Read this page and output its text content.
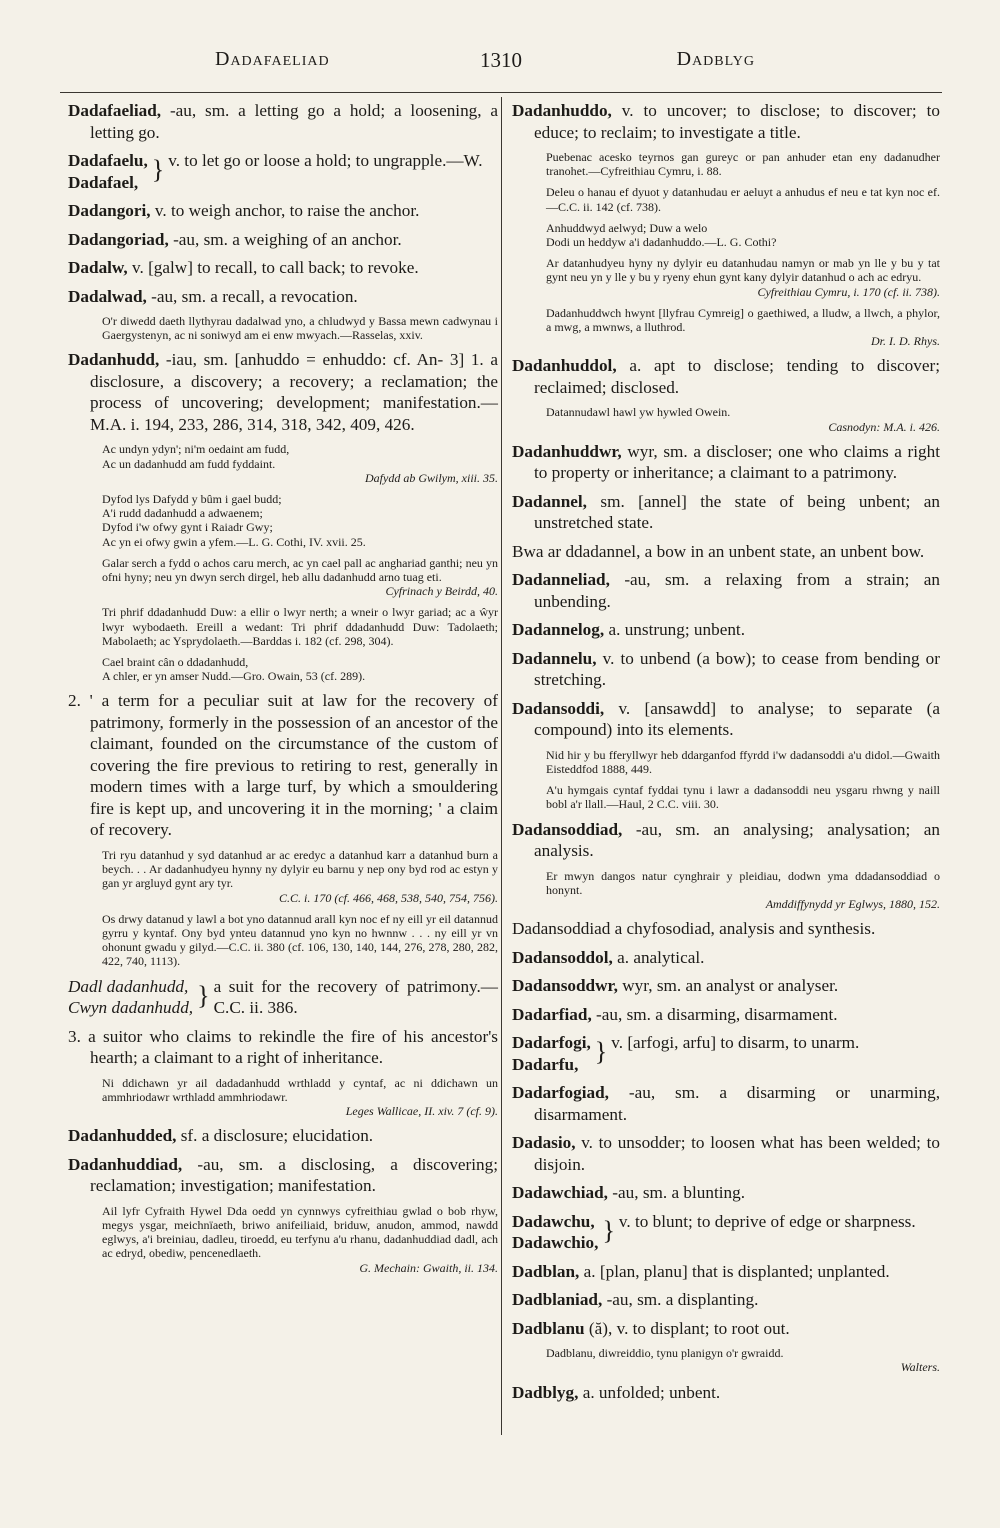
Dadafaeliad	1310	Dadblyg

Dadafaeliad, -au, sm. a letting go a hold; a loosening, a letting go.

Dadafaelu,
Dadafael, } v. to let go or loose a hold; to ungrapple.—W.

Dadangori, v. to weigh anchor, to raise the anchor.

Dadangoriad, -au, sm. a weighing of an anchor.

Dadalw, v. [galw] to recall, to call back; to revoke.

Dadalwad, -au, sm. a recall, a revocation.

O'r diwedd daeth llythyrau dadalwad yno, a chludwyd y Bassa mewn cadwynau i Gaergystenyn, ac ni soniwyd am ei enw mwyach.—Rasselas, xxiv.

Dadanhudd, -iau, sm. [anhuddo = enhuddo: cf. An- 3] 1. a disclosure, a discovery; a recovery; a reclamation; the process of uncovering; development; manifestation.—M.A. i. 194, 233, 286, 314, 318, 342, 409, 426.

Ac undyn ydyn'; ni'm oedaint am fudd,
Ac un dadanhudd am fudd fyddaint.
Dafydd ab Gwilym, xiii. 35.
Dyfod lys Dafydd y bûm i gael budd;
A'i rudd dadanhudd a adwaenem;
Dyfod i'w ofwy gynt i Raiadr Gwy;
Ac yn ei ofwy gwin a yfem.—L. G. Cothi, IV. xvii. 25.

Galar serch a fydd o achos caru merch, ac yn cael pall ac anghariad ganthi; neu yn ofni hyny; neu yn dwyn serch dirgel, heb allu dadanhudd arno tuag eti.
Cyfrinach y Beirdd, 40.

Tri phrif ddadanhudd Duw: a ellir o lwyr nerth; a wneir o lwyr gariad; ac a ŵyr lwyr wybodaeth. Ereill a wedant: Tri phrif ddadanhudd Duw: Tadolaeth; Mabolaeth; ac Ysprydolaeth.—Barddas i. 182 (cf. 298, 304).

Cael braint cân o ddadanhudd,
A chler, er yn amser Nudd.—Gro. Owain, 53 (cf. 289).

2. ' a term for a peculiar suit at law for the recovery of patrimony, formerly in the possession of an ancestor of the claimant, founded on the circumstance of the custom of covering the fire previous to retiring to rest, generally in modern times with a large turf, by which a smouldering fire is kept up, and uncovering it in the morning; ' a claim of recovery.

Tri ryu datanhud y syd datanhud ar ac eredyc a datanhud karr a datanhud burn a beych. . . Ar dadanhudyeu hynny ny dylyir eu barnu y nep ony byd rod ac estyn y gan yr argluyd gynt ary tyr.
C.C. i. 170 (cf. 466, 468, 538, 540, 754, 756).

Os drwy datanud y lawl a bot yno datannud arall kyn noc ef ny eill yr eil datannud gyrru y kyntaf. Ony byd ynteu datannud yno kyn no hwnnw . . . ny eill yr vn ohonunt gwadu y gilyd.—C.C. ii. 380 (cf. 106, 130, 140, 144, 276, 278, 280, 282, 422, 740, 1113).

Dadl dadanhudd,
Cwyn dadanhudd, } a suit for the recovery of patrimony.—C.C. ii. 386.

3. a suitor who claims to rekindle the fire of his ancestor's hearth; a claimant to a right of inheritance.

Ni ddichawn yr ail dadadanhudd wrthladd y cyntaf, ac ni ddichawn un ammhriodawr wrthladd ammhriodawr.
Leges Wallicae, II. xiv. 7 (cf. 9).

Dadanhudded, sf. a disclosure; elucidation.

Dadanhuddiad, -au, sm. a disclosing, a discovering; reclamation; investigation; manifestation.

Ail lyfr Cyfraith Hywel Dda oedd yn cynnwys cyfreithiau gwlad o bob rhyw, megys ysgar, meichnïaeth, briwo anifeiliaid, briduw, anudon, ammod, nawdd eglwys, a'i breiniau, dadleu, tiroedd, eu terfynu a'u rhanu, dadanhuddiad dadl, ach ac edryd, obediw, pencenedlaeth.
G. Mechain: Gwaith, ii. 134.

Dadanhuddo, v. to uncover; to disclose; to discover; to educe; to reclaim; to investigate a title.

Puebenac acesko teyrnos gan gureyc or pan anhuder etan eny dadanudher tranohet.—Cyfreithiau Cymru, i. 88.

Deleu o hanau ef dyuot y datanhudau er aeluyt a anhudus ef neu e tat kyn noc ef.—C.C. ii. 142 (cf. 738).

Anhuddwyd aelwyd; Duw a welo
Dodi un heddyw a'i dadanhuddo.—L. G. Cothi?

Ar datanhudyeu hyny ny dylyir eu datanhudau namyn or mab yn lle y bu y tat gynt neu yn y lle y bu y ryeny ehun gynt kany dylyir datanhud o ach ac edryu.
Cyfreithiau Cymru, i. 170 (cf. ii. 738).

Dadanhuddwch hwynt [llyfrau Cymreig] o gaethiwed, a lludw, a llwch, a phylor, a mwg, a mwnws, a lluthrod.
Dr. I. D. Rhys.

Dadanhuddol, a. apt to disclose; tending to discover; reclaimed; disclosed.

Datannudawl hawl yw hywled Owein.
Casnodyn: M.A. i. 426.

Dadanhuddwr, wyr, sm. a discloser; one who claims a right to property or inheritance; a claimant to a patrimony.

Dadannel, sm. [annel] the state of being unbent; an unstretched state.

Bwa ar ddadannel, a bow in an unbent state, an unbent bow.

Dadanneliad, -au, sm. a relaxing from a strain; an unbending.

Dadannelog, a. unstrung; unbent.

Dadannelu, v. to unbend (a bow); to cease from bending or stretching.

Dadansoddi, v. [ansawdd] to analyse; to separate (a compound) into its elements.

Nid hir y bu fferyllwyr heb ddarganfod ffyrdd i'w dadansoddi a'u didol.—Gwaith Eisteddfod 1888, 449.

A'u hymgais cyntaf fyddai tynu i lawr a dadansoddi neu ysgaru rhwng y naill bobl a'r llall.—Haul, 2 C.C. viii. 30.

Dadansoddiad, -au, sm. an analysing; analysation; an analysis.

Er mwyn dangos natur cynghrair y pleidiau, dodwn yma ddadansoddiad o honynt.
Amddiffynydd yr Eglwys, 1880, 152.

Dadansoddiad a chyfosodiad, analysis and synthesis.

Dadansoddol, a. analytical.

Dadansoddwr, wyr, sm. an analyst or analyser.

Dadarfiad, -au, sm. a disarming, disarmament.

Dadarfogi,
Dadarfu, } v. [arfogi, arfu] to disarm, to unarm.

Dadarfogiad, -au, sm. a disarming or unarming, disarmament.

Dadasio, v. to unsodder; to loosen what has been welded; to disjoin.

Dadawchiad, -au, sm. a blunting.

Dadawchu,
Dadawchio, } v. to blunt; to deprive of edge or sharpness.

Dadblan, a. [plan, planu] that is displanted; unplanted.

Dadblaniad, -au, sm. a displanting.

Dadblanu (ă), v. to displant; to root out.

Dadblanu, diwreiddio, tynu planigyn o'r gwraidd.
Walters.

Dadblyg, a. unfolded; unbent.
